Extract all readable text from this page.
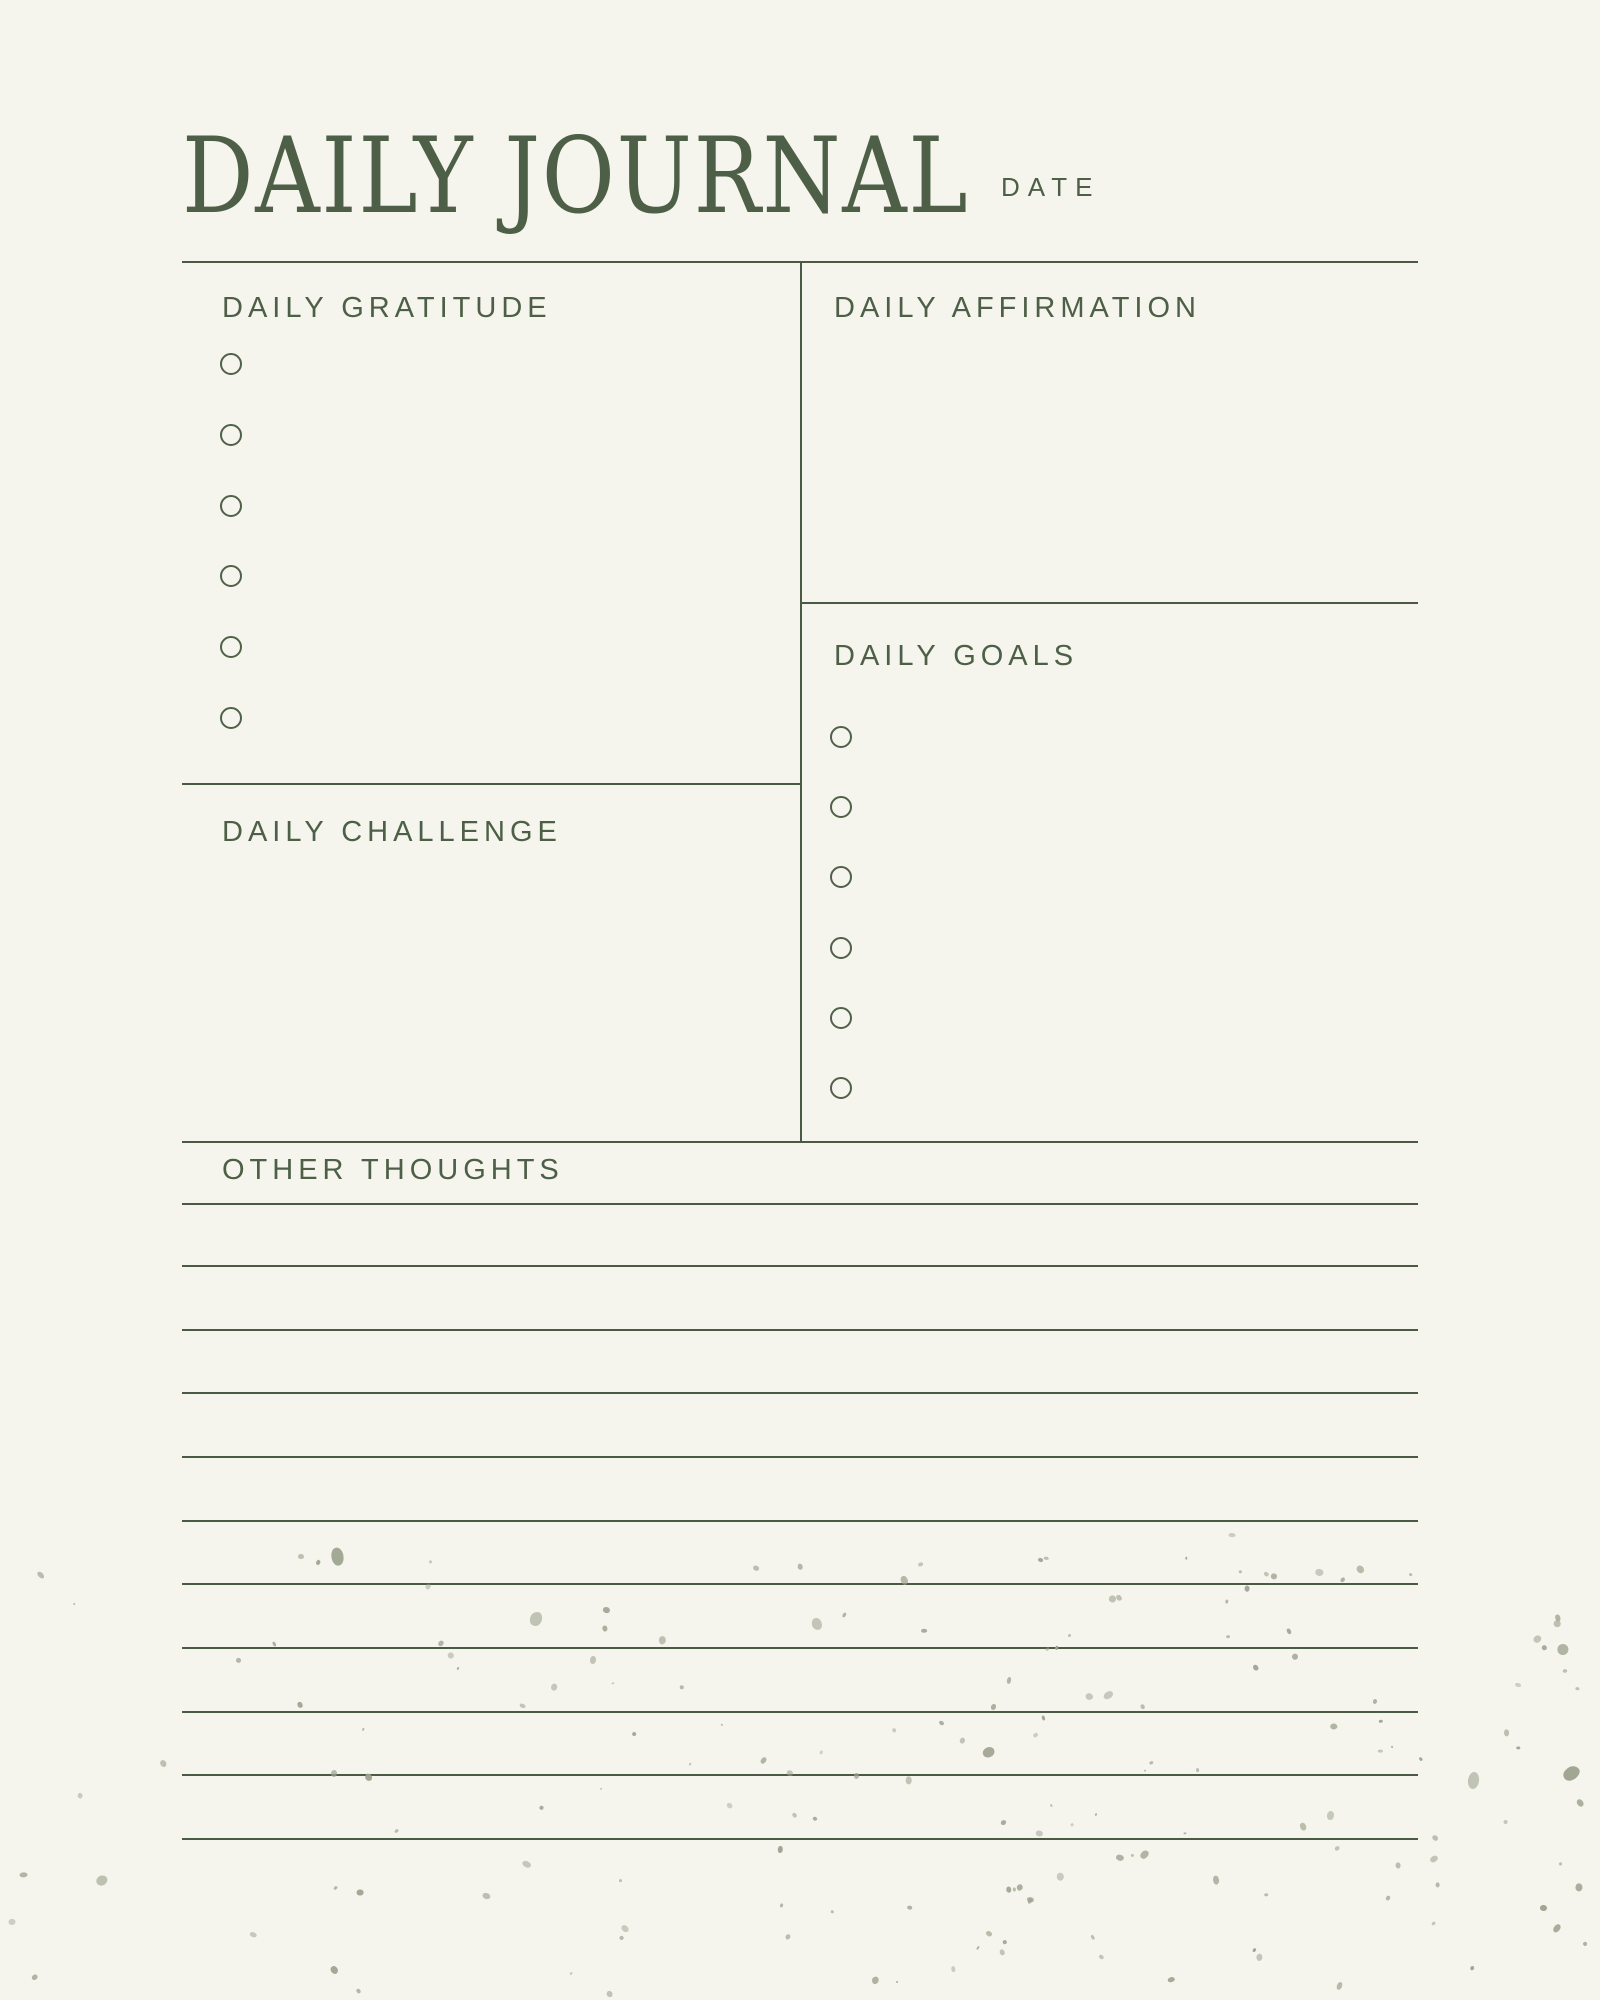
DAILY JOURNAL DATE
DAILY GRATITUDE	DAILY AFFIRMATION
DAILY GOALS
DAILY CHALLENGE
OTHER THOUGHTS
